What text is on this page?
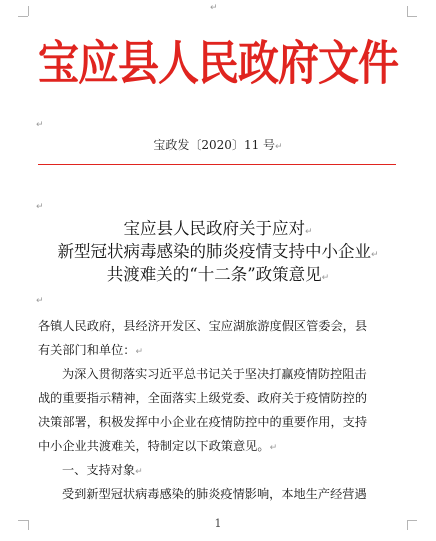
↵
↵
↵
↵
宝应县人民政府文件
宝政发〔2020〕11 号↵
宝应县人民政府关于应对↵
新型冠状病毒感染的肺炎疫情支持中小企业↵
共渡难关的“十二条”政策意见↵
各镇人民政府，县经济开发区、宝应湖旅游度假区管委会，县
有关部门和单位：↵
为深入贯彻落实习近平总书记关于坚决打赢疫情防控阻击
战的重要指示精神，全面落实上级党委、政府关于疫情防控的
决策部署，积极发挥中小企业在疫情防控中的重要作用，支持
中小企业共渡难关，特制定以下政策意见。↵
一、支持对象↵
受到新型冠状病毒感染的肺炎疫情影响，本地生产经营遇
1
